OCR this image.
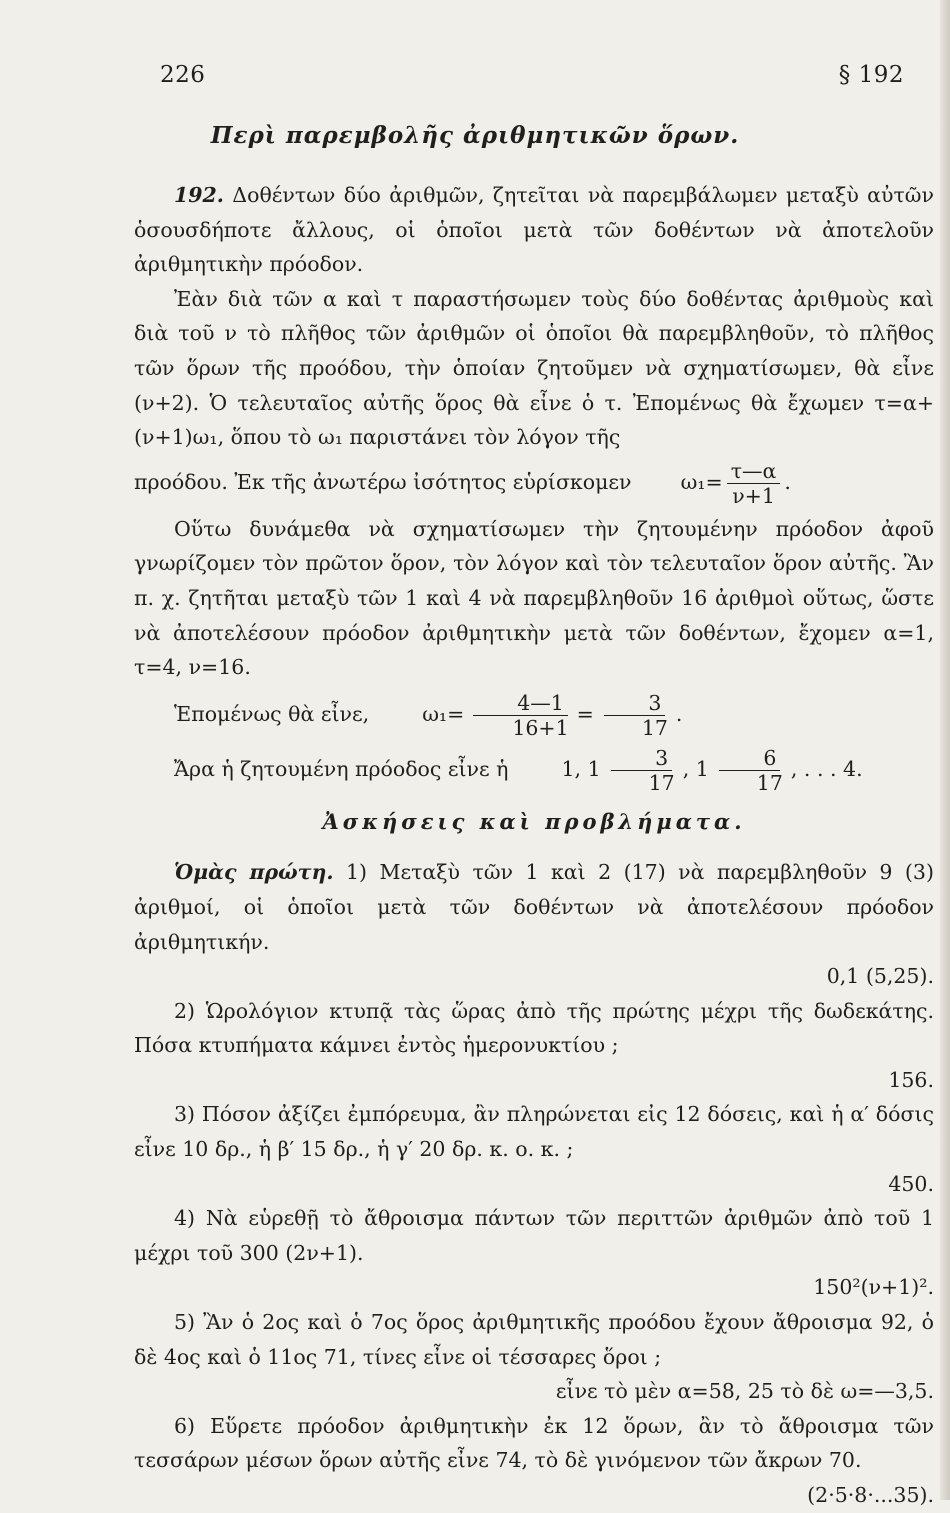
226	§ 192
Περὶ παρεμβολῆς ἀριθμητικῶν ὅρων.

192. Δοθέντων δύο ἀριθμῶν, ζητεῖται νὰ παρεμβάλωμεν μεταξὺ αὐτῶν ὁσουσδήποτε ἄλλους, οἱ ὁποῖοι μετὰ τῶν δοθέντων νὰ ἀποτελοῦν ἀριθμητικὴν πρόοδον.

Ἐὰν διὰ τῶν α καὶ τ παραστήσωμεν τοὺς δύο δοθέντας ἀριθμοὺς καὶ διὰ τοῦ ν τὸ πλῆθος τῶν ἀριθμῶν οἱ ὁποῖοι θὰ παρεμβληθοῦν, τὸ πλῆθος τῶν ὅρων τῆς προόδου, τὴν ὁποίαν ζητοῦμεν νὰ σχηματίσωμεν, θὰ εἶνε (ν+2). Ὁ τελευταῖος αὐτῆς ὅρος θὰ εἶνε ὁ τ. Ἐπομένως θὰ ἔχωμεν τ=α+(ν+1)ω₁, ὅπου τὸ ω₁ παριστάνει τὸν λόγον τῆς

προόδου. Ἐκ τῆς ἀνωτέρω ἰσότητος εὑρίσκομεν $\omega_1= \frac{\tau—\alpha}{\nu+1}$ .

Οὕτω δυνάμεθα νὰ σχηματίσωμεν τὴν ζητουμένην πρόοδον ἀφοῦ γνωρίζομεν τὸν πρῶτον ὅρον, τὸν λόγον καὶ τὸν τελευταῖον ὅρον αὐτῆς. Ἂν π. χ. ζητῆται μεταξὺ τῶν 1 καὶ 4 νὰ παρεμβληθοῦν 16 ἀριθμοὶ οὕτως, ὥστε νὰ ἀποτελέσουν πρόοδον ἀριθμητικὴν μετὰ τῶν δοθέντων, ἔχομεν α=1, τ=4, ν=16.

Ἑπομένως θὰ εἶνε,	$\omega_1= \frac{4—1}{16+1} = \frac{3}{17}$ .

Ἄρα ἡ ζητουμένη πρόοδος εἶνε ἡ	1, $1 \frac{3}{17}$ , $1 \frac{6}{17}$ , . . . 4.

Ἀσκήσεις καὶ προβλήματα.

Ὁμὰς πρώτη. 1) Μεταξὺ τῶν 1 καὶ 2 (17) νὰ παρεμβληθοῦν 9 (3) ἀριθμοί, οἱ ὁποῖοι μετὰ τῶν δοθέντων νὰ ἀποτελέσουν πρόοδον ἀριθμητικήν.

0,1 (5,25).

2) Ὡρολόγιον κτυπᾷ τὰς ὥρας ἀπὸ τῆς πρώτης μέχρι τῆς δωδεκάτης. Πόσα κτυπήματα κάμνει ἐντὸς ἡμερονυκτίου ;

156.

3) Πόσον ἀξίζει ἐμπόρευμα, ἂν πληρώνεται εἰς 12 δόσεις, καὶ ἡ α′ δόσις εἶνε 10 δρ., ἡ β′ 15 δρ., ἡ γ′ 20 δρ. κ. ο. κ. ;

450.

4) Νὰ εὑρεθῇ τὸ ἄθροισμα πάντων τῶν περιττῶν ἀριθμῶν ἀπὸ τοῦ 1 μέχρι τοῦ 300 (2ν+1).

150²(ν+1)².

5) Ἂν ὁ 2ος καὶ ὁ 7ος ὅρος ἀριθμητικῆς προόδου ἔχουν ἄθροισμα 92, ὁ δὲ 4ος καὶ ὁ 11ος 71, τίνες εἶνε οἱ τέσσαρες ὅροι ;

εἶνε τὸ μὲν α=58, 25 τὸ δὲ ω=—3,5.

6) Εὕρετε πρόοδον ἀριθμητικὴν ἐκ 12 ὅρων, ἂν τὸ ἄθροισμα τῶν τεσσάρων μέσων ὅρων αὐτῆς εἶνε 74, τὸ δὲ γινόμενον τῶν ἄκρων 70.

(2·5·8·...35).
